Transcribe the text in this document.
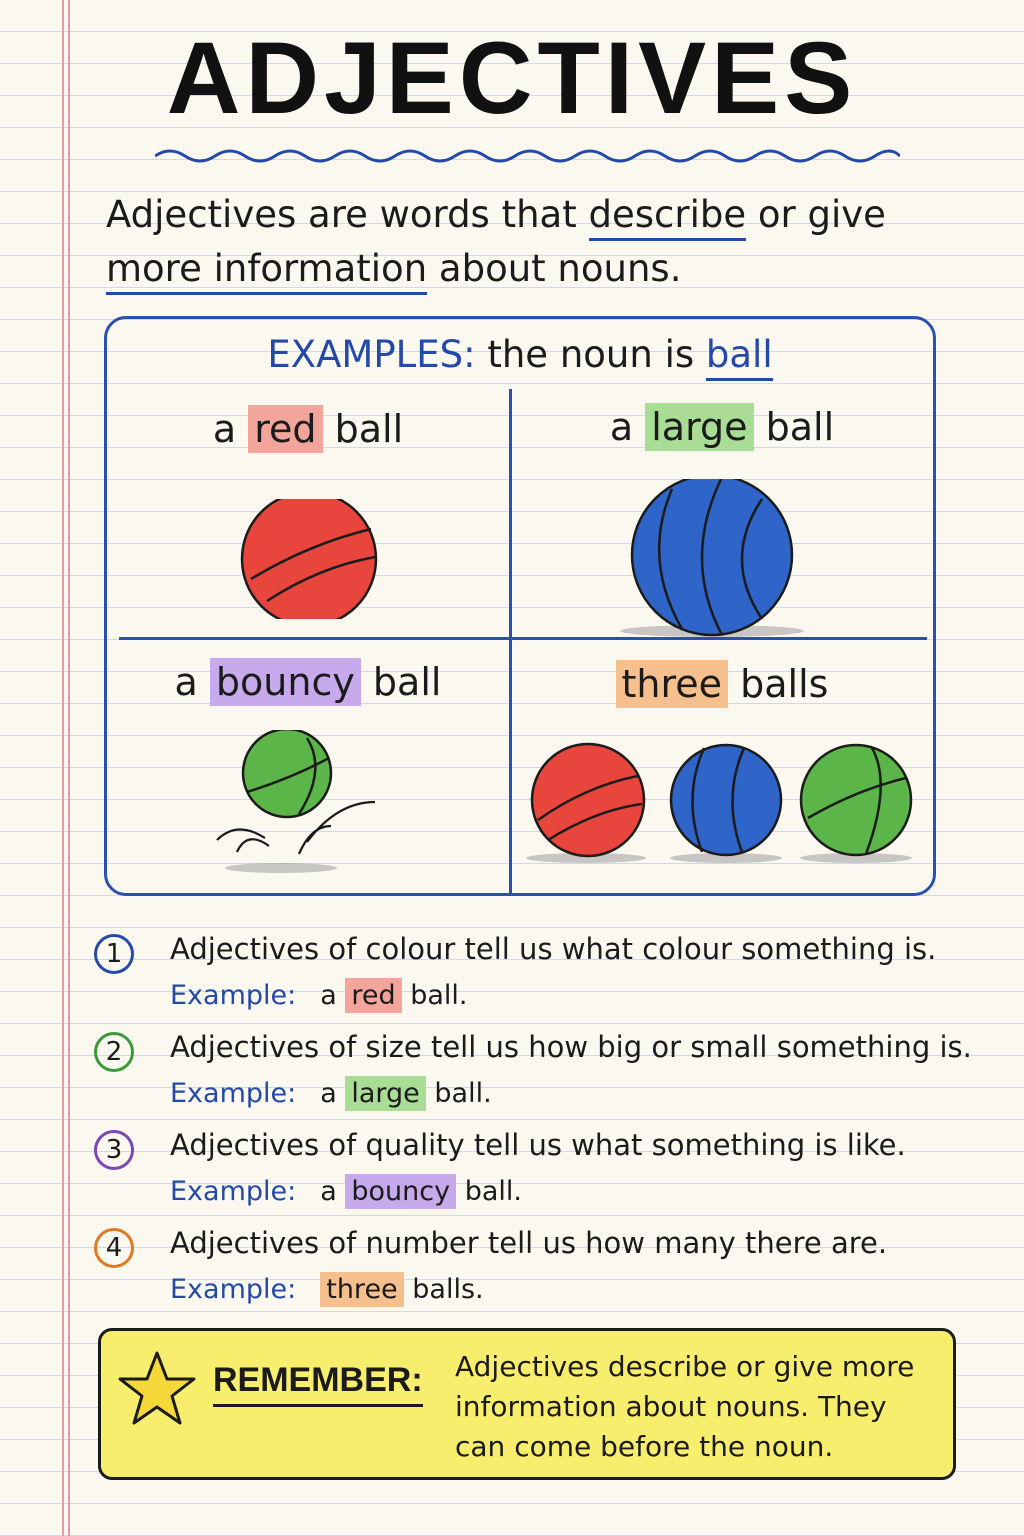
ADJECTIVES
Adjectives are words that describe or give
more information about nouns.
EXAMPLES: the noun is ball
a red ball	a large ball
a bouncy ball	three balls
1	Adjectives of colour tell us what colour something is.
Example: a red ball.
2	Adjectives of size tell us how big or small something is.
Example: a large ball.
3	Adjectives of quality tell us what something is like.
Example: a bouncy ball.
4	Adjectives of number tell us how many there are.
Example: three balls.
REMEMBER: Adjectives describe or give more information about nouns. They can come before the noun.
